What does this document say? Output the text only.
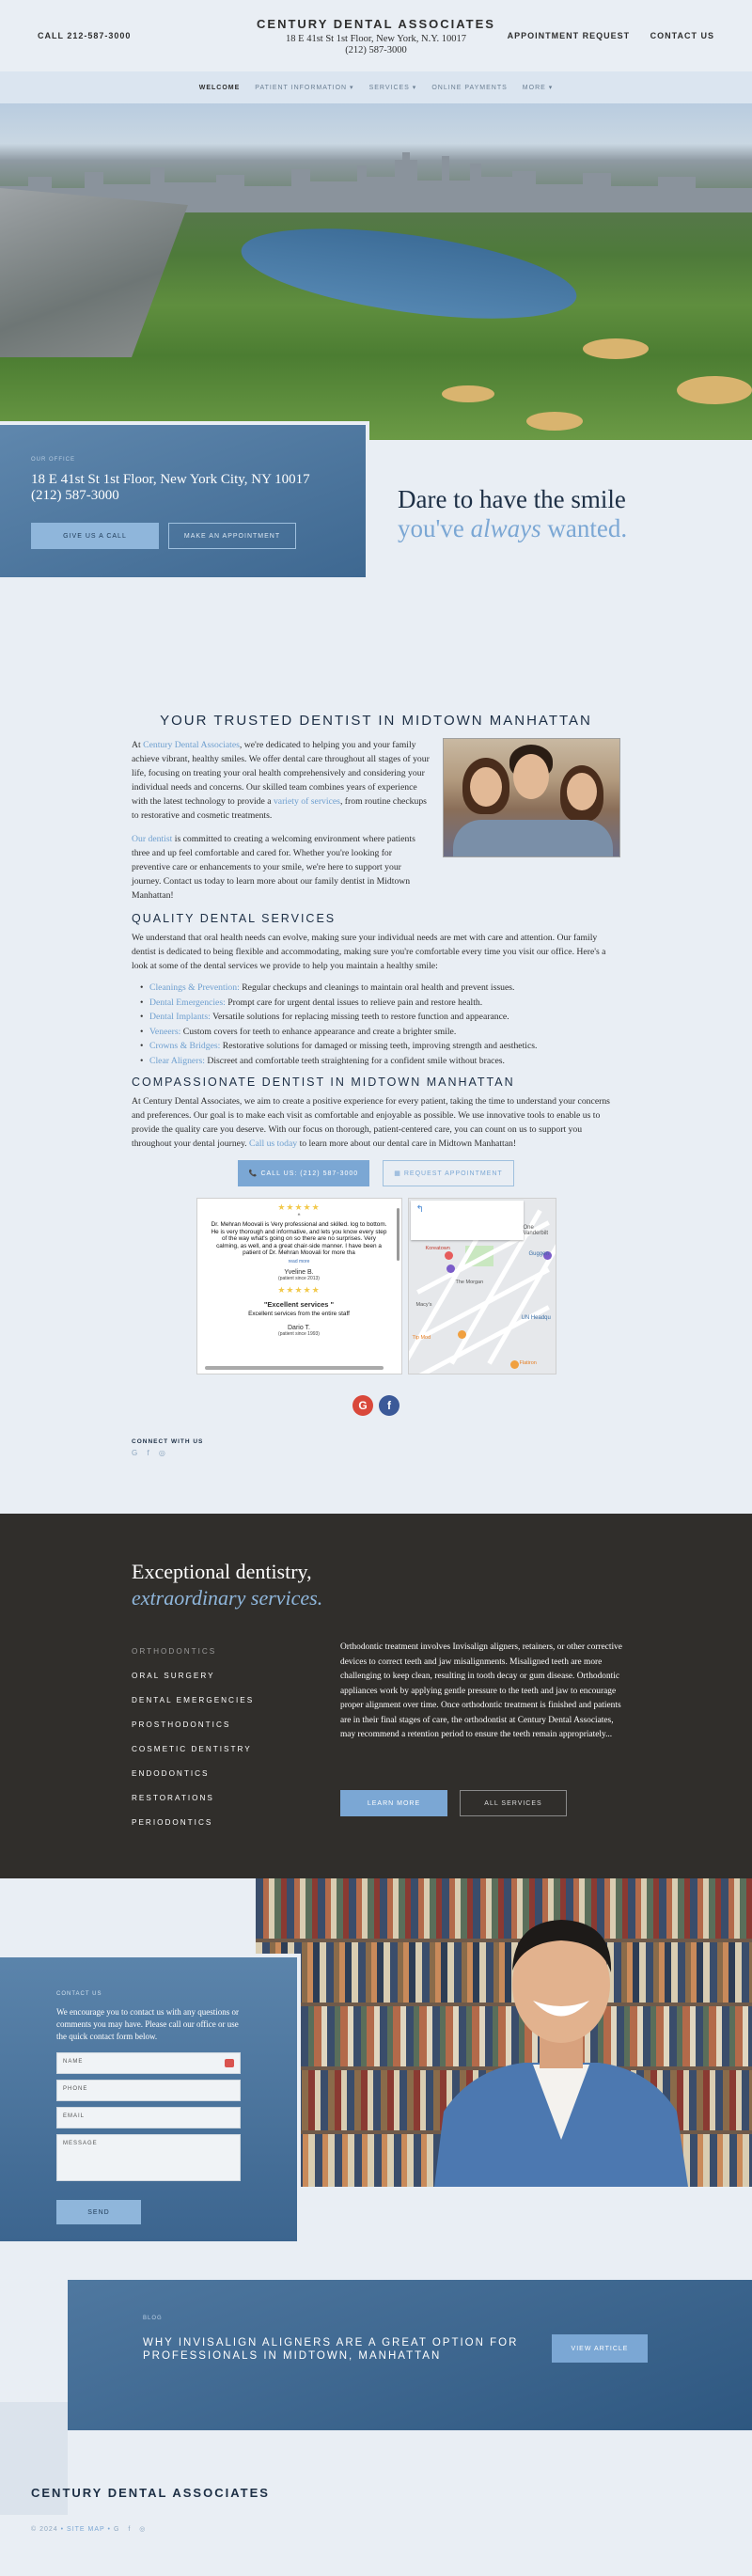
CALL 212-587-3000
CENTURY DENTAL ASSOCIATES
18 E 41st St 1st Floor, New York, N.Y. 10017
(212) 587-3000
APPOINTMENT REQUEST CONTACT US
WELCOME PATIENT INFORMATION ▾ SERVICES ▾ ONLINE PAYMENTS MORE ▾
OUR OFFICE
18 E 41st St 1st Floor, New York City, NY 10017
(212) 587-3000
GIVE US A CALL	MAKE AN APPOINTMENT
Dare to have the smile
you've always wanted.
YOUR TRUSTED DENTIST IN MIDTOWN MANHATTAN

At Century Dental Associates, we're dedicated to helping you and your family achieve vibrant, healthy smiles. We offer dental care throughout all stages of your life, focusing on treating your oral health comprehensively and considering your individual needs and concerns. Our skilled team combines years of experience with the latest technology to provide a variety of services, from routine checkups to restorative and cosmetic treatments.

Our dentist is committed to creating a welcoming environment where patients three and up feel comfortable and cared for. Whether you're looking for preventive care or enhancements to your smile, we're here to support your journey. Contact us today to learn more about our family dentist in Midtown Manhattan!

QUALITY DENTAL SERVICES

We understand that oral health needs can evolve, making sure your individual needs are met with care and attention. Our family dentist is dedicated to being flexible and accommodating, making sure you're comfortable every time you visit our office. Here's a look at some of the dental services we provide to help you maintain a healthy smile:

• Cleanings & Prevention: Regular checkups and cleanings to maintain oral health and prevent issues.
• Dental Emergencies: Prompt care for urgent dental issues to relieve pain and restore health.
• Dental Implants: Versatile solutions for replacing missing teeth to restore function and appearance.
• Veneers: Custom covers for teeth to enhance appearance and create a brighter smile.
• Crowns & Bridges: Restorative solutions for damaged or missing teeth, improving strength and aesthetics.
• Clear Aligners: Discreet and comfortable teeth straightening for a confident smile without braces.
COMPASSIONATE DENTIST IN MIDTOWN MANHATTAN

At Century Dental Associates, we aim to create a positive experience for every patient, taking the time to understand your concerns and preferences. Our goal is to make each visit as comfortable and enjoyable as possible. We use innovative tools to enable us to provide the quality care you deserve. With our focus on thorough, patient-centered care, you can count on us to support you throughout your dental journey. Call us today to learn more about our dental care in Midtown Manhattan!

📞 CALL US: (212) 587-3000	▦ REQUEST APPOINTMENT
★★★★★
❝
Dr. Mehran Moovali is Very professional and skilled. log to bottom. He is very thorough and informative, and lets you know every step of the way what's going on so there are no surprises. Very calming, as well, and a great chair-side manner. I have been a patient of Dr. Mehran Moovali for more tha
read more
Yveline B.
(patient since 2013)
★★★★★
"Excellent services "
Excellent services from the entire staff
Dario T.
(patient since 1993)
↰
One Vanderbilt
Koreatown
Guggen
The Morgan
Macy's
UN Headqu
Tip Mod
Flatiron
G	f
CONNECT WITH US
G f ◎
Exceptional dentistry,
extraordinary services.
ORTHODONTICS
ORAL SURGERY
DENTAL EMERGENCIES
PROSTHODONTICS
COSMETIC DENTISTRY
ENDODONTICS
RESTORATIONS
PERIODONTICS

Orthodontic treatment involves Invisalign aligners, retainers, or other corrective devices to correct teeth and jaw misalignments. Misaligned teeth are more challenging to keep clean, resulting in tooth decay or gum disease. Orthodontic appliances work by applying gentle pressure to the teeth and jaw to encourage proper alignment over time. Once orthodontic treatment is finished and patients are in their final stages of care, the orthodontist at Century Dental Associates, may recommend a retention period to ensure the teeth remain appropriately...

LEARN MORE	ALL SERVICES
CONTACT US

We encourage you to contact us with any questions or comments you may have. Please call our office or use the quick contact form below.

NAME
PHONE
EMAIL
MESSAGE
SEND
BLOG
WHY INVISALIGN ALIGNERS ARE A GREAT OPTION FOR PROFESSIONALS IN MIDTOWN, MANHATTAN
VIEW ARTICLE
CENTURY DENTAL ASSOCIATES
© 2024 • SITE MAP • G f ◎
